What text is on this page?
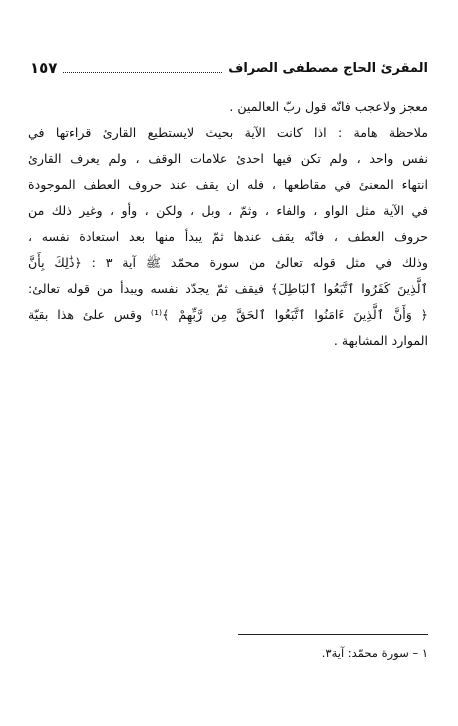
المقرئ الحاج مصطفى الصراف
١٥٧
معجز ولاعجب فانّه قول ربّ العالمين .
ملاحظة هامة : اذا كانت الآية بحيث لايستطيع القارئ قراءتها في
نفس واحد ، ولم تكن فيها احدئ علامات الوقف ، ولم يعرف القارئ
انتهاء المعنئ في مقاطعها ، فله ان يقف عند حروف العطف الموجودة
في الآية مثل الواو ، والفاء ، وثمّ ، وبل ، ولكن ، وأو ، وغير ذلك من
حروف العطف ، فانّه يقف عندها ثمّ يبدأ منها بعد استعادة نفسه ،
وذلك في مثل قوله تعالئ من سورة محمّد ﷺ آية ٣ : ﴿ذَٰلِكَ بِأَنَّ
ٱلَّذِينَ كَفَرُوا ٱتَّبَعُوا ٱلبَاطِلَ﴾ فيقف ثمّ يجدّد نفسه ويبدأ من قوله تعالئ:
﴿ وَأَنَّ ٱلَّذِينَ ءَامَنُوا ٱتَّبَعُوا ٱلحَقَّ مِن رَّبِّهِمْ ﴾⁽¹⁾ وقس علئ هذا بقيّة
الموارد المشابهة .
١ – سورة محمّد: آية٣.
